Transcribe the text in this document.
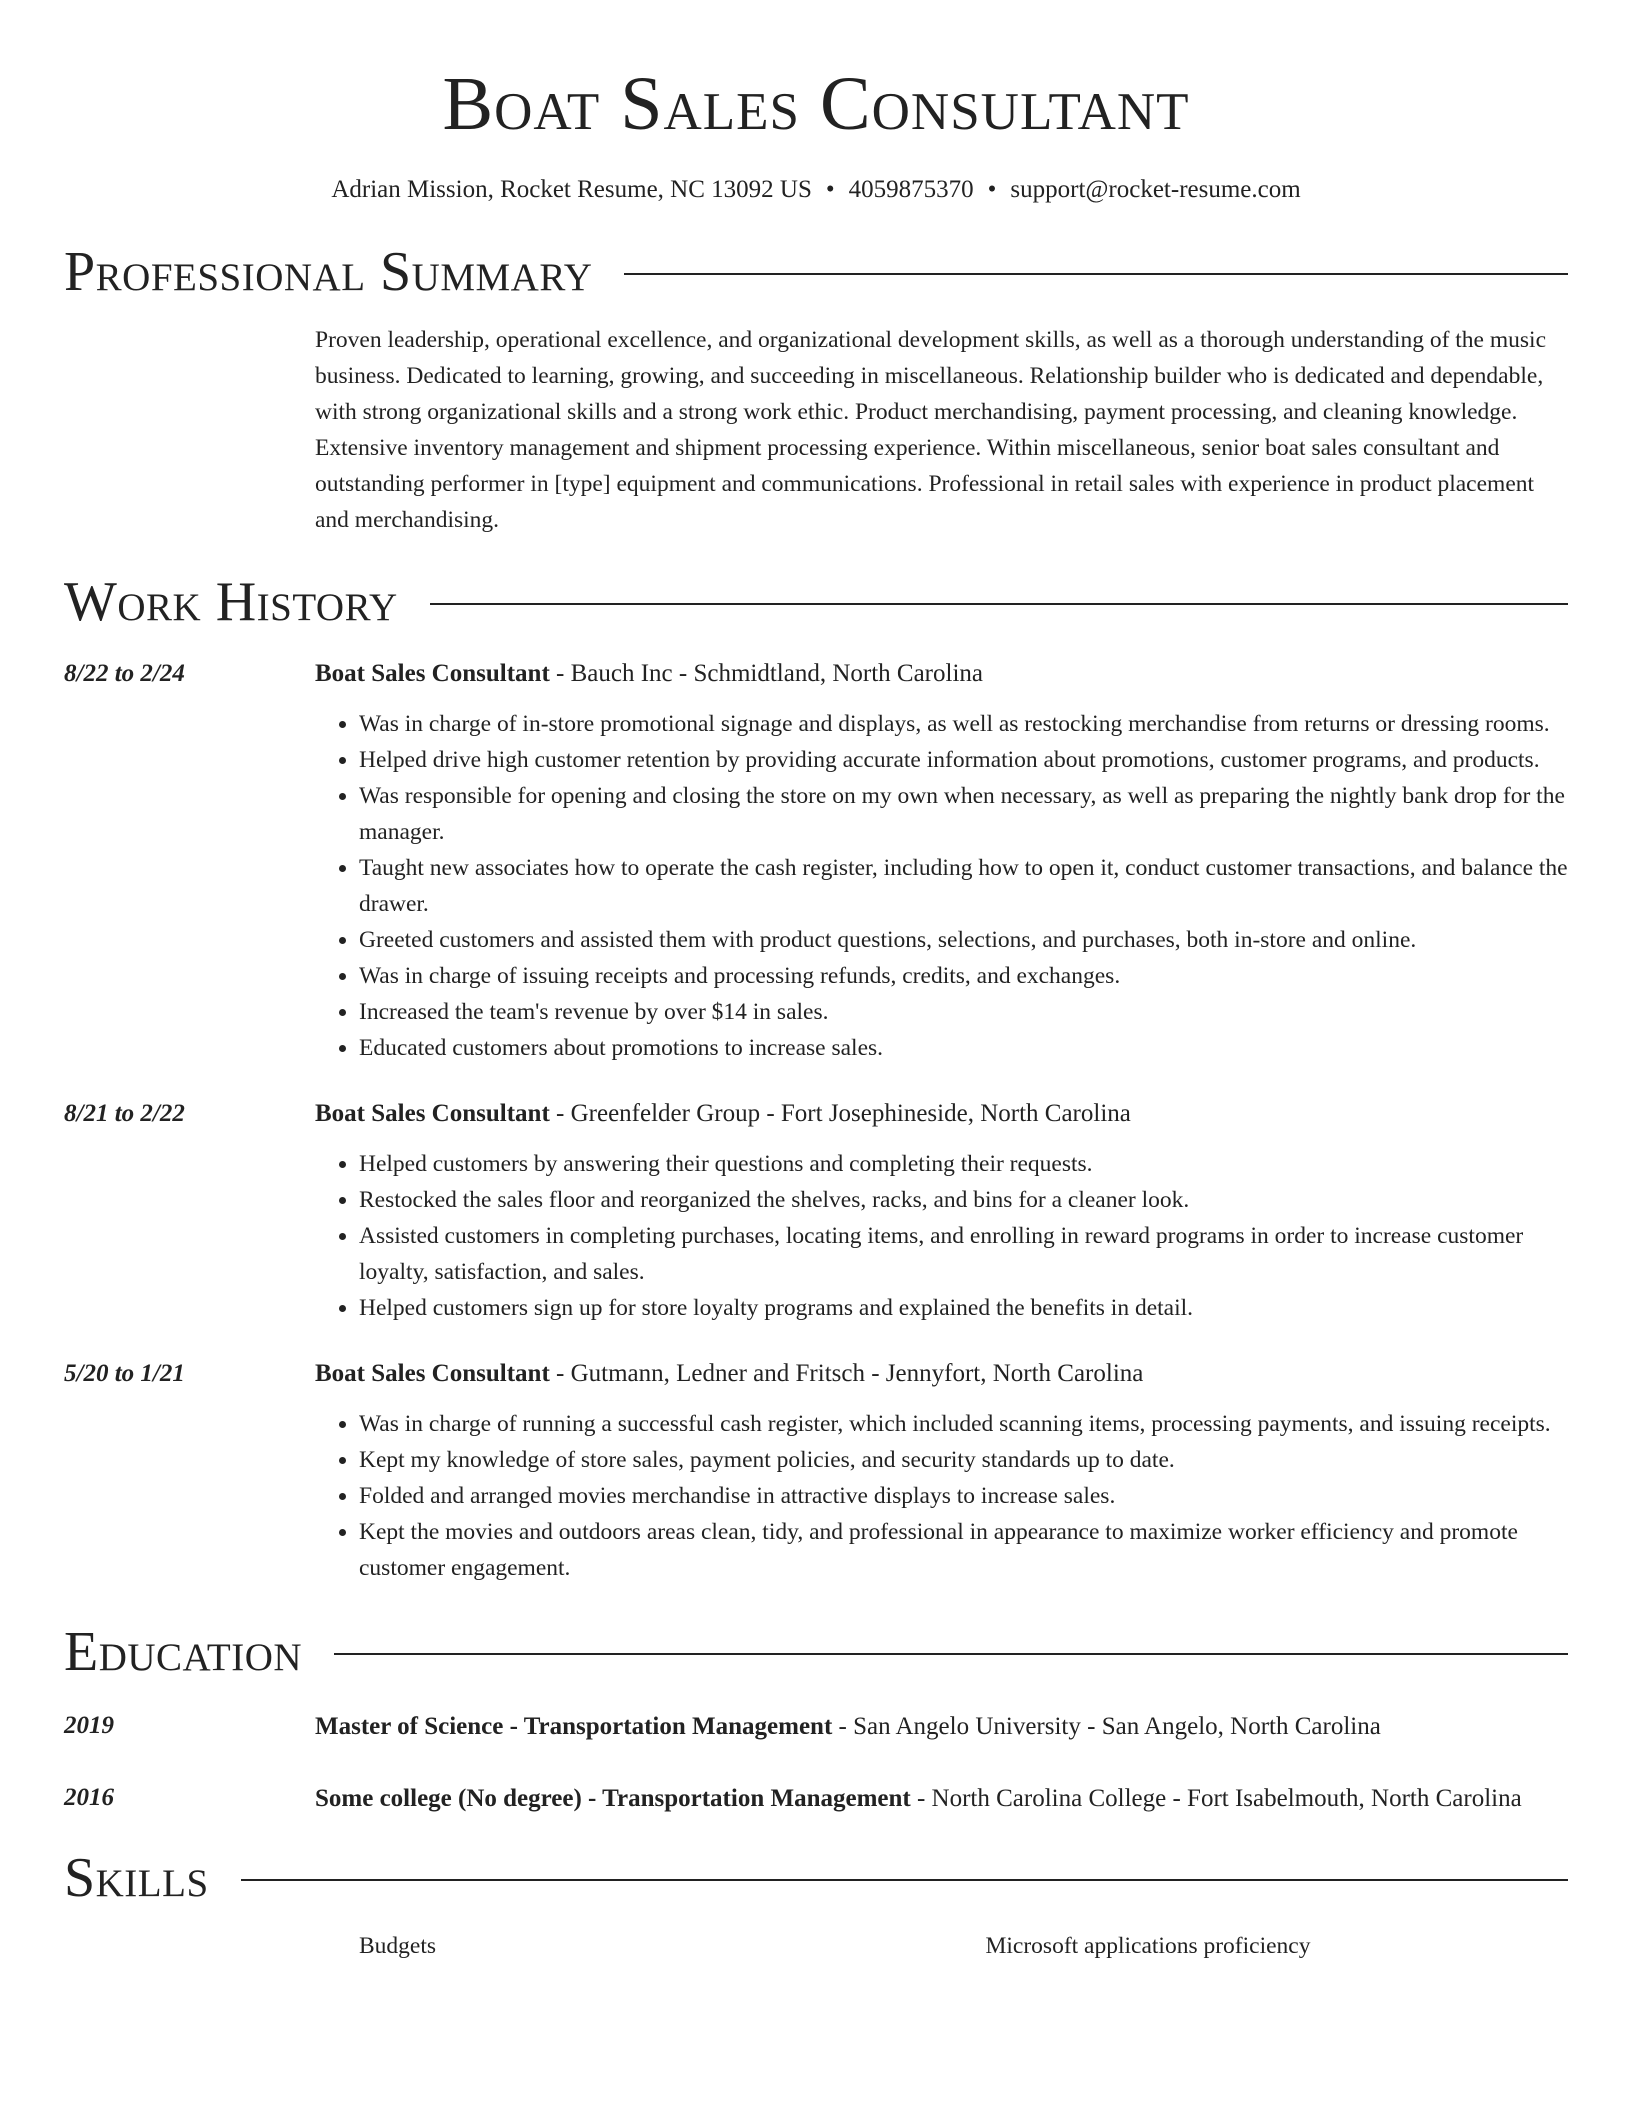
Boat Sales Consultant
Adrian Mission, Rocket Resume, NC 13092 US • 4059875370 • support@rocket-resume.com
Professional Summary
Proven leadership, operational excellence, and organizational development skills, as well as a thorough understanding of the music business. Dedicated to learning, growing, and succeeding in miscellaneous. Relationship builder who is dedicated and dependable, with strong organizational skills and a strong work ethic. Product merchandising, payment processing, and cleaning knowledge. Extensive inventory management and shipment processing experience. Within miscellaneous, senior boat sales consultant and outstanding performer in [type] equipment and communications. Professional in retail sales with experience in product placement and merchandising.
Work History
8/22 to 2/24	Boat Sales Consultant - Bauch Inc - Schmidtland, North Carolina
• Was in charge of in-store promotional signage and displays, as well as restocking merchandise from returns or dressing rooms.
• Helped drive high customer retention by providing accurate information about promotions, customer programs, and products.
• Was responsible for opening and closing the store on my own when necessary, as well as preparing the nightly bank drop for the manager.
• Taught new associates how to operate the cash register, including how to open it, conduct customer transactions, and balance the drawer.
• Greeted customers and assisted them with product questions, selections, and purchases, both in-store and online.
• Was in charge of issuing receipts and processing refunds, credits, and exchanges.
• Increased the team's revenue by over $14 in sales.
• Educated customers about promotions to increase sales.
8/21 to 2/22	Boat Sales Consultant - Greenfelder Group - Fort Josephineside, North Carolina
• Helped customers by answering their questions and completing their requests.
• Restocked the sales floor and reorganized the shelves, racks, and bins for a cleaner look.
• Assisted customers in completing purchases, locating items, and enrolling in reward programs in order to increase customer loyalty, satisfaction, and sales.
• Helped customers sign up for store loyalty programs and explained the benefits in detail.
5/20 to 1/21	Boat Sales Consultant - Gutmann, Ledner and Fritsch - Jennyfort, North Carolina
• Was in charge of running a successful cash register, which included scanning items, processing payments, and issuing receipts.
• Kept my knowledge of store sales, payment policies, and security standards up to date.
• Folded and arranged movies merchandise in attractive displays to increase sales.
• Kept the movies and outdoors areas clean, tidy, and professional in appearance to maximize worker efficiency and promote customer engagement.
Education
2019	Master of Science - Transportation Management - San Angelo University - San Angelo, North Carolina
2016	Some college (No degree) - Transportation Management - North Carolina College - Fort Isabelmouth, North Carolina
Skills
Budgets	Microsoft applications proficiency
